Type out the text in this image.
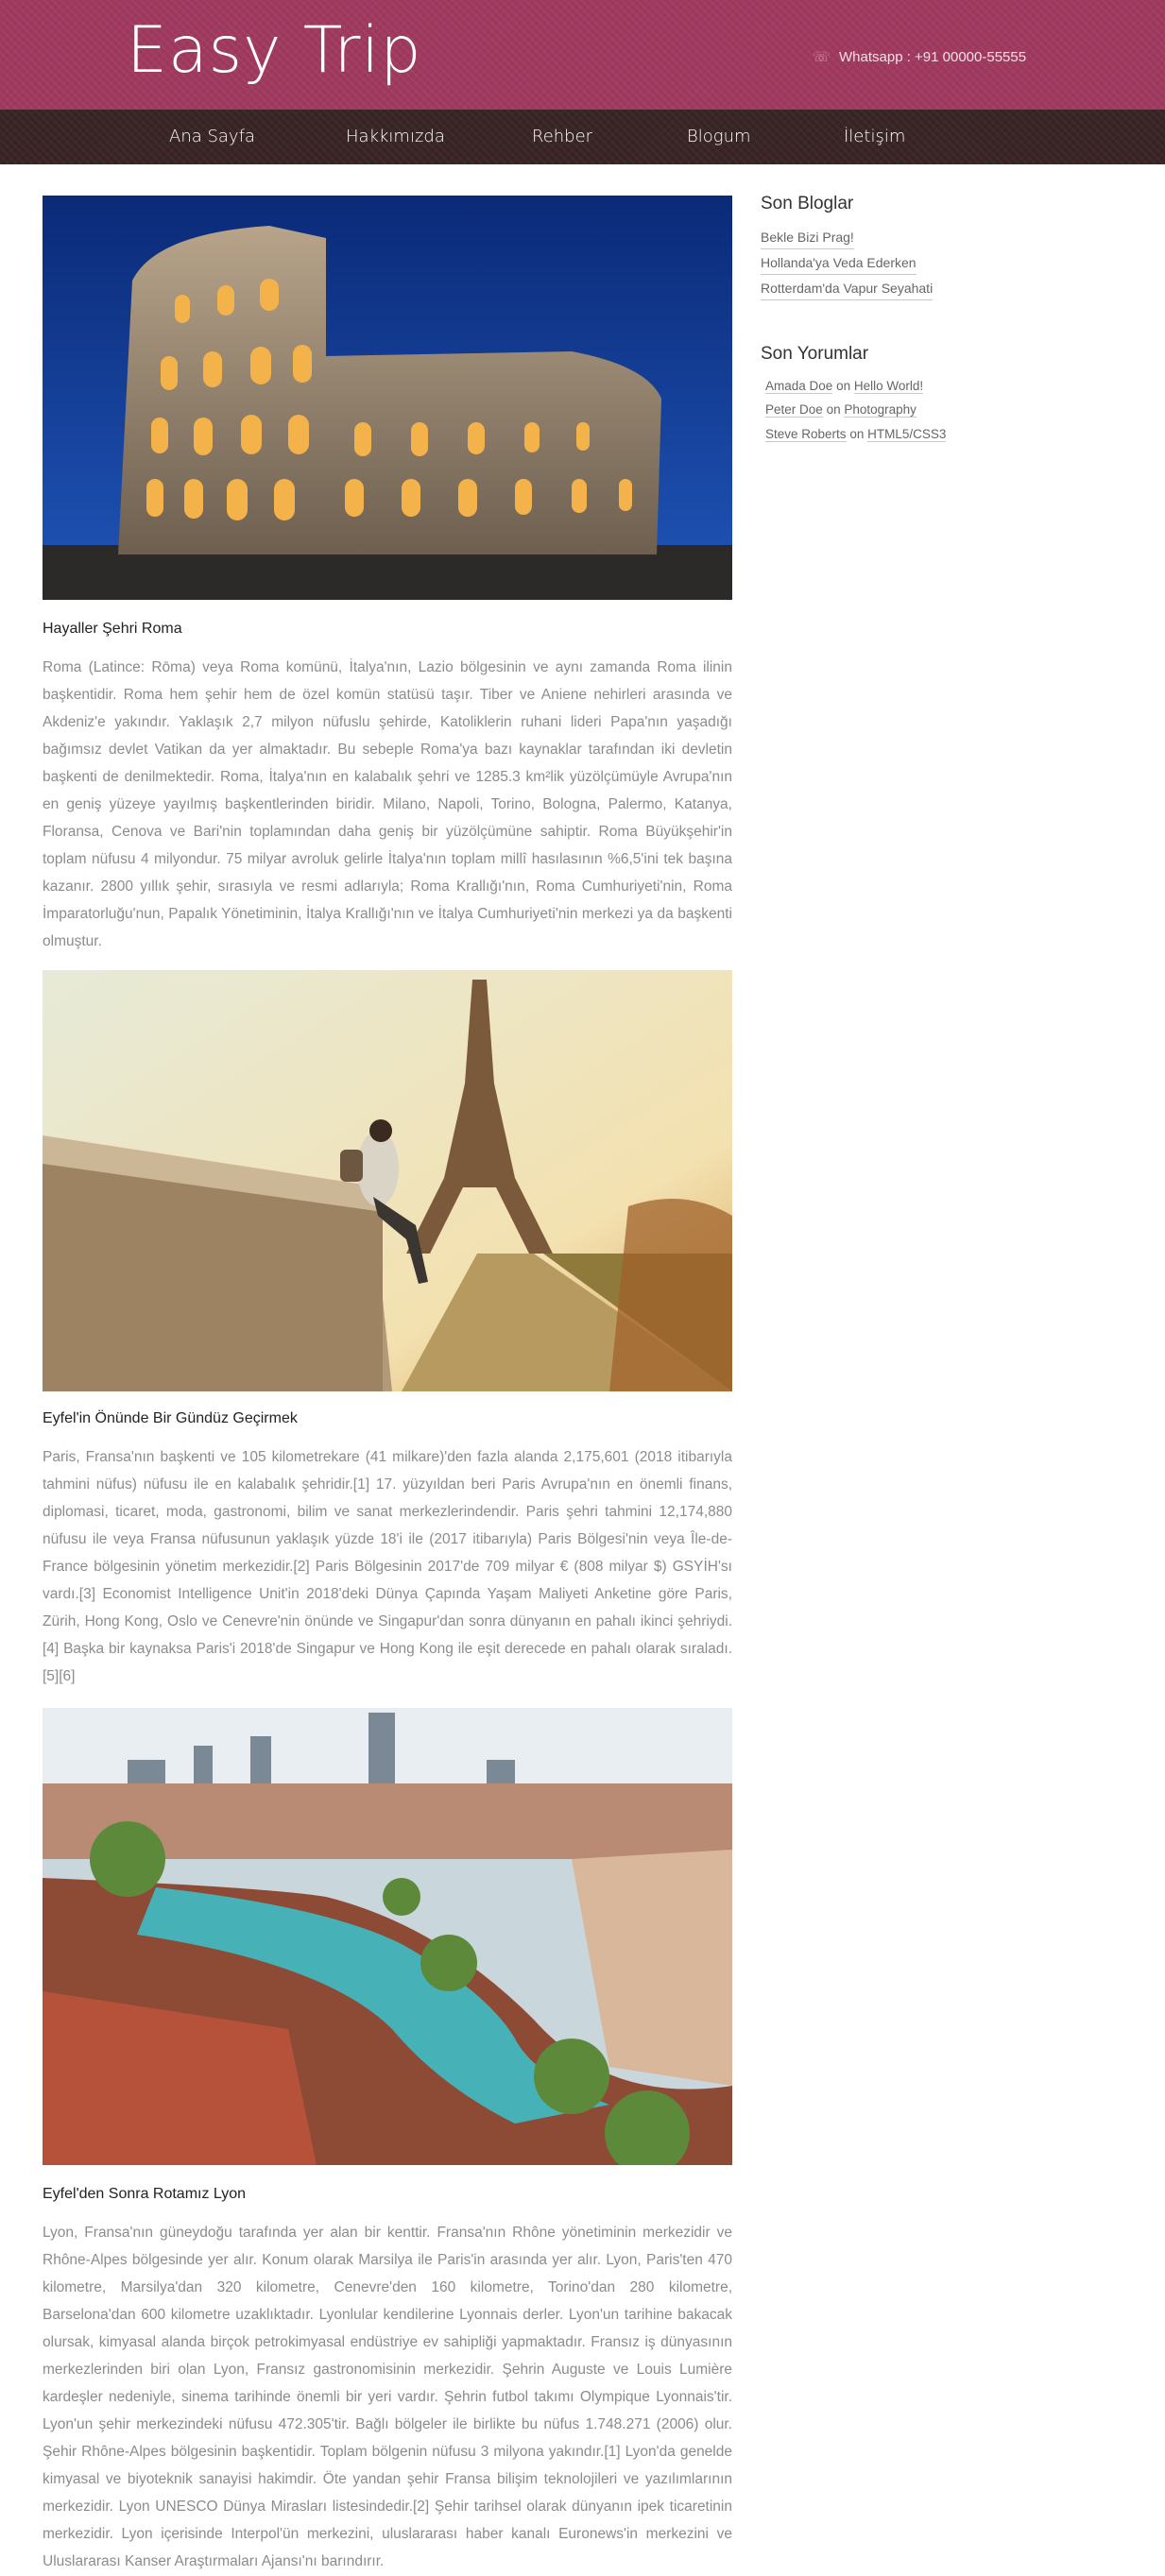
Easy Trip	☏ Whatsapp : +91 00000-55555
Ana Sayfa	Hakkımızda	Rehber	Blogum	İletişim
Hayaller Şehri Roma

Roma (Latince: Rōma) veya Roma komünü, İtalya'nın, Lazio bölgesinin ve aynı zamanda Roma ilinin başkentidir. Roma hem şehir hem de özel komün statüsü taşır. Tiber ve Aniene nehirleri arasında ve Akdeniz'e yakındır. Yaklaşık 2,7 milyon nüfuslu şehirde, Katoliklerin ruhani lideri Papa'nın yaşadığı bağımsız devlet Vatikan da yer almaktadır. Bu sebeple Roma'ya bazı kaynaklar tarafından iki devletin başkenti de denilmektedir. Roma, İtalya'nın en kalabalık şehri ve 1285.3 km²lik yüzölçümüyle Avrupa'nın en geniş yüzeye yayılmış başkentlerinden biridir. Milano, Napoli, Torino, Bologna, Palermo, Katanya, Floransa, Cenova ve Bari'nin toplamından daha geniş bir yüzölçümüne sahiptir. Roma Büyükşehir'in toplam nüfusu 4 milyondur. 75 milyar avroluk gelirle İtalya'nın toplam millî hasılasının %6,5'ini tek başına kazanır. 2800 yıllık şehir, sırasıyla ve resmi adlarıyla; Roma Krallığı'nın, Roma Cumhuriyeti'nin, Roma İmparatorluğu'nun, Papalık Yönetiminin, İtalya Krallığı'nın ve İtalya Cumhuriyeti'nin merkezi ya da başkenti olmuştur.

Eyfel'in Önünde Bir Gündüz Geçirmek

Paris, Fransa'nın başkenti ve 105 kilometrekare (41 milkare)'den fazla alanda 2,175,601 (2018 itibarıyla tahmini nüfus) nüfusu ile en kalabalık şehridir.[1] 17. yüzyıldan beri Paris Avrupa'nın en önemli finans, diplomasi, ticaret, moda, gastronomi, bilim ve sanat merkezlerindendir. Paris şehri tahmini 12,174,880 nüfusu ile veya Fransa nüfusunun yaklaşık yüzde 18'i ile (2017 itibarıyla) Paris Bölgesi'nin veya Île-de-France bölgesinin yönetim merkezidir.[2] Paris Bölgesinin 2017'de 709 milyar € (808 milyar $) GSYİH'sı vardı.[3] Economist Intelligence Unit'in 2018'deki Dünya Çapında Yaşam Maliyeti Anketine göre Paris, Zürih, Hong Kong, Oslo ve Cenevre'nin önünde ve Singapur'dan sonra dünyanın en pahalı ikinci şehriydi.[4] Başka bir kaynaksa Paris'i 2018'de Singapur ve Hong Kong ile eşit derecede en pahalı olarak sıraladı.[5][6]

Eyfel'den Sonra Rotamız Lyon

Lyon, Fransa'nın güneydoğu tarafında yer alan bir kenttir. Fransa'nın Rhône yönetiminin merkezidir ve Rhône-Alpes bölgesinde yer alır. Konum olarak Marsilya ile Paris'in arasında yer alır. Lyon, Paris'ten 470 kilometre, Marsilya'dan 320 kilometre, Cenevre'den 160 kilometre, Torino'dan 280 kilometre, Barselona'dan 600 kilometre uzaklıktadır. Lyonlular kendilerine Lyonnais derler. Lyon'un tarihine bakacak olursak, kimyasal alanda birçok petrokimyasal endüstriye ev sahipliği yapmaktadır. Fransız iş dünyasının merkezlerinden biri olan Lyon, Fransız gastronomisinin merkezidir. Şehrin Auguste ve Louis Lumière kardeşler nedeniyle, sinema tarihinde önemli bir yeri vardır. Şehrin futbol takımı Olympique Lyonnais'tir. Lyon'un şehir merkezindeki nüfusu 472.305'tir. Bağlı bölgeler ile birlikte bu nüfus 1.748.271 (2006) olur. Şehir Rhône-Alpes bölgesinin başkentidir. Toplam bölgenin nüfusu 3 milyona yakındır.[1] Lyon'da genelde kimyasal ve biyoteknik sanayisi hakimdir. Öte yandan şehir Fransa bilişim teknolojileri ve yazılımlarının merkezidir. Lyon UNESCO Dünya Mirasları listesindedir.[2] Şehir tarihsel olarak dünyanın ipek ticaretinin merkezidir. Lyon içerisinde Interpol'ün merkezini, uluslararası haber kanalı Euronews'in merkezini ve Uluslararası Kanser Araştırmaları Ajansı'nı barındırır.

Son Bloglar
Bekle Bizi Prag!
Hollanda'ya Veda Ederken
Rotterdam'da Vapur Seyahati
Son Yorumlar
Amada Doe on Hello World!
Peter Doe on Photography
Steve Roberts on HTML5/CSS3
